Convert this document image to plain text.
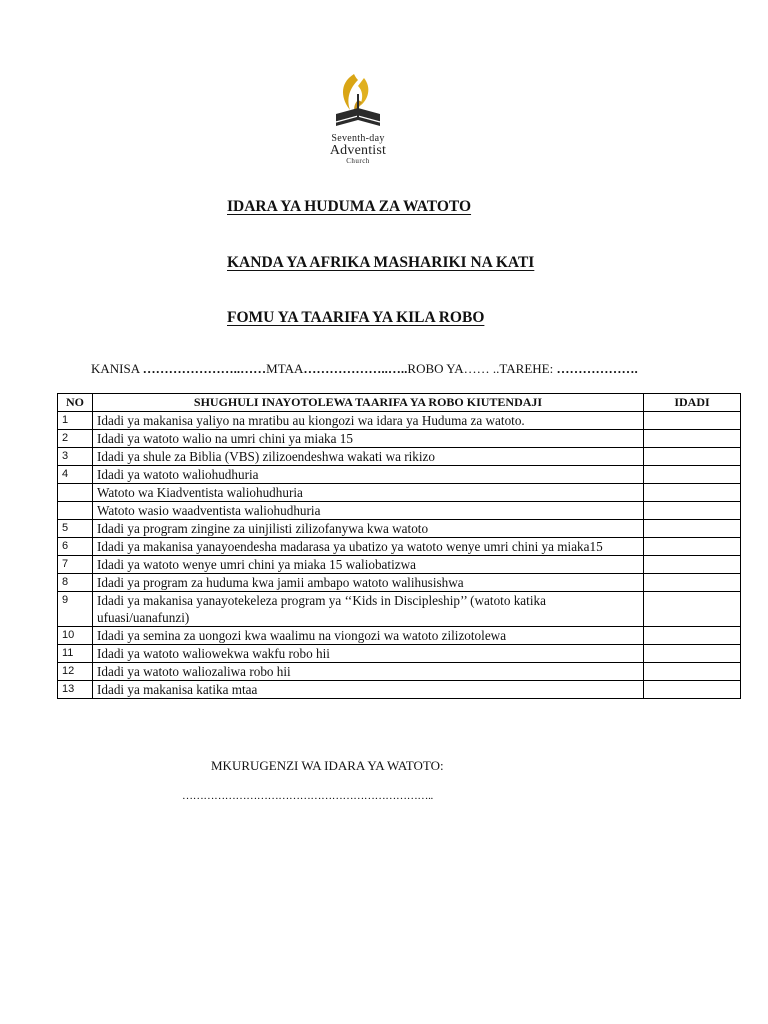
Seventh-day
Adventist
Church
IDARA YA HUDUMA ZA WATOTO
KANDA YA AFRIKA MASHARIKI NA KATI
FOMU YA TAARIFA YA KILA ROBO
KANISA …………………..……MTAA………………..…..ROBO YA…… ..TAREHE: ……………….
NO	SHUGHULI INAYOTOLEWA TAARIFA YA ROBO KIUTENDAJI	IDADI
1	Idadi ya makanisa yaliyo na mratibu au kiongozi wa idara ya Huduma za watoto.	
2	Idadi ya watoto walio na umri chini ya miaka 15	
3	Idadi ya shule za Biblia (VBS) zilizoendeshwa wakati wa rikizo	
4	Idadi ya watoto waliohudhuria	
	Watoto wa Kiadventista waliohudhuria	
	Watoto wasio waadventista waliohudhuria	
5	Idadi ya program zingine za uinjilisti zilizofanywa kwa watoto	
6	Idadi ya makanisa yanayoendesha madarasa ya ubatizo ya watoto wenye umri chini ya miaka15	
7	Idadi ya watoto wenye umri chini ya miaka 15 waliobatizwa	
8	Idadi ya program za huduma kwa jamii ambapo watoto walihusishwa	
9	Idadi ya makanisa yanayotekeleza program ya ‘‘Kids in Discipleship’’ (watoto katika ufuasi/uanafunzi)	
10	Idadi ya semina za uongozi kwa waalimu na viongozi wa watoto zilizotolewa	
11	Idadi ya watoto waliowekwa wakfu robo hii	
12	Idadi ya watoto waliozaliwa robo hii	
13	Idadi ya makanisa katika mtaa	
MKURUGENZI WA IDARA YA WATOTO:
……………………………………………………………..
